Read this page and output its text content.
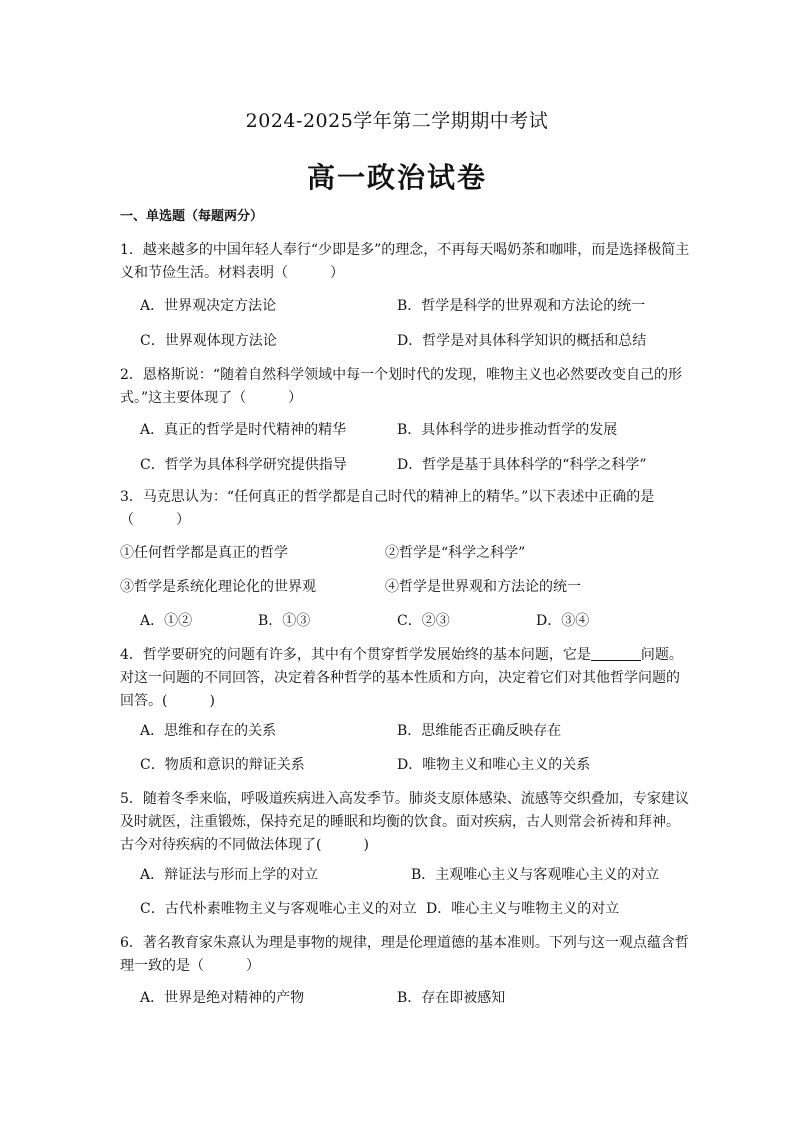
2024-2025学年第二学期期中考试
高一政治试卷
一、单选题（每题两分）
1．越来越多的中国年轻人奉行“少即是多”的理念，不再每天喝奶茶和咖啡，而是选择极简主义和节俭生活。材料表明（　　　）
A．世界观决定方法论	B．哲学是科学的世界观和方法论的统一
C．世界观体现方法论	D．哲学是对具体科学知识的概括和总结
2．恩格斯说：“随着自然科学领域中每一个划时代的发现，唯物主义也必然要改变自己的形式。”这主要体现了（　　　）
A．真正的哲学是时代精神的精华	B．具体科学的进步推动哲学的发展
C．哲学为具体科学研究提供指导	D．哲学是基于具体科学的“科学之科学”
3．马克思认为：“任何真正的哲学都是自己时代的精神上的精华。”以下表述中正确的是（　　　）
①任何哲学都是真正的哲学	②哲学是“科学之科学”
③哲学是系统化理论化的世界观	④哲学是世界观和方法论的统一
A．①②	B．①③	C．②③	D．③④
4．哲学要研究的问题有许多，其中有个贯穿哲学发展始终的基本问题，它是	问题。对这一问题的不同回答，决定着各种哲学的基本性质和方向，决定着它们对其他哲学问题的回答。(　　　)
A．思维和存在的关系	B．思维能否正确反映存在
C．物质和意识的辩证关系	D．唯物主义和唯心主义的关系
5．随着冬季来临，呼吸道疾病进入高发季节。肺炎支原体感染、流感等交织叠加，专家建议及时就医，注重锻炼，保持充足的睡眠和均衡的饮食。面对疾病，古人则常会祈祷和拜神。古今对待疾病的不同做法体现了(　　　)
A．辩证法与形而上学的对立	B．主观唯心主义与客观唯心主义的对立
C．古代朴素唯物主义与客观唯心主义的对立 D．唯心主义与唯物主义的对立
6．著名教育家朱熹认为理是事物的规律，理是伦理道德的基本准则。下列与这一观点蕴含哲理一致的是（　　　）
A．世界是绝对精神的产物	B．存在即被感知
